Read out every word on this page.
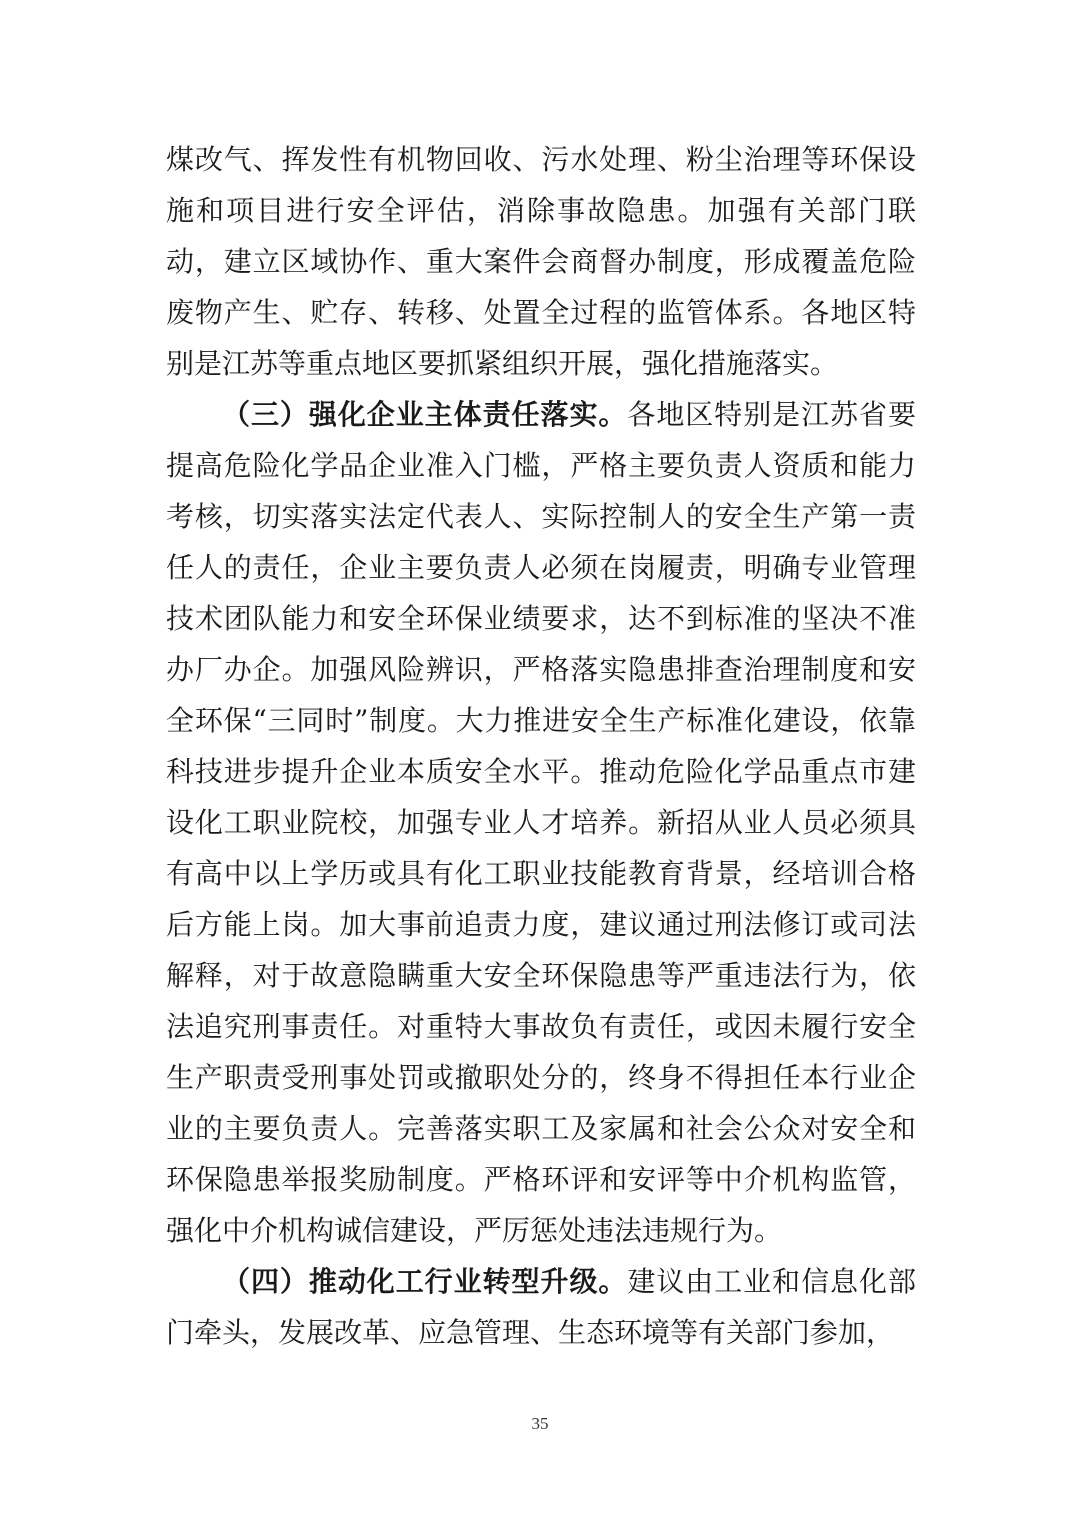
煤改气、挥发性有机物回收、污水处理、粉尘治理等环保设施和项目进行安全评估，消除事故隐患。加强有关部门联动，建立区域协作、重大案件会商督办制度，形成覆盖危险废物产生、贮存、转移、处置全过程的监管体系。各地区特别是江苏等重点地区要抓紧组织开展，强化措施落实。

（三）强化企业主体责任落实。各地区特别是江苏省要提高危险化学品企业准入门槛，严格主要负责人资质和能力考核，切实落实法定代表人、实际控制人的安全生产第一责任人的责任，企业主要负责人必须在岗履责，明确专业管理技术团队能力和安全环保业绩要求，达不到标准的坚决不准办厂办企。加强风险辨识，严格落实隐患排查治理制度和安全环保“三同时”制度。大力推进安全生产标准化建设，依靠科技进步提升企业本质安全水平。推动危险化学品重点市建设化工职业院校，加强专业人才培养。新招从业人员必须具有高中以上学历或具有化工职业技能教育背景，经培训合格后方能上岗。加大事前追责力度，建议通过刑法修订或司法解释，对于故意隐瞒重大安全环保隐患等严重违法行为，依法追究刑事责任。对重特大事故负有责任，或因未履行安全生产职责受刑事处罚或撤职处分的，终身不得担任本行业企业的主要负责人。完善落实职工及家属和社会公众对安全和环保隐患举报奖励制度。严格环评和安评等中介机构监管，强化中介机构诚信建设，严厉惩处违法违规行为。

（四）推动化工行业转型升级。建议由工业和信息化部门牵头，发展改革、应急管理、生态环境等有关部门参加，

35
